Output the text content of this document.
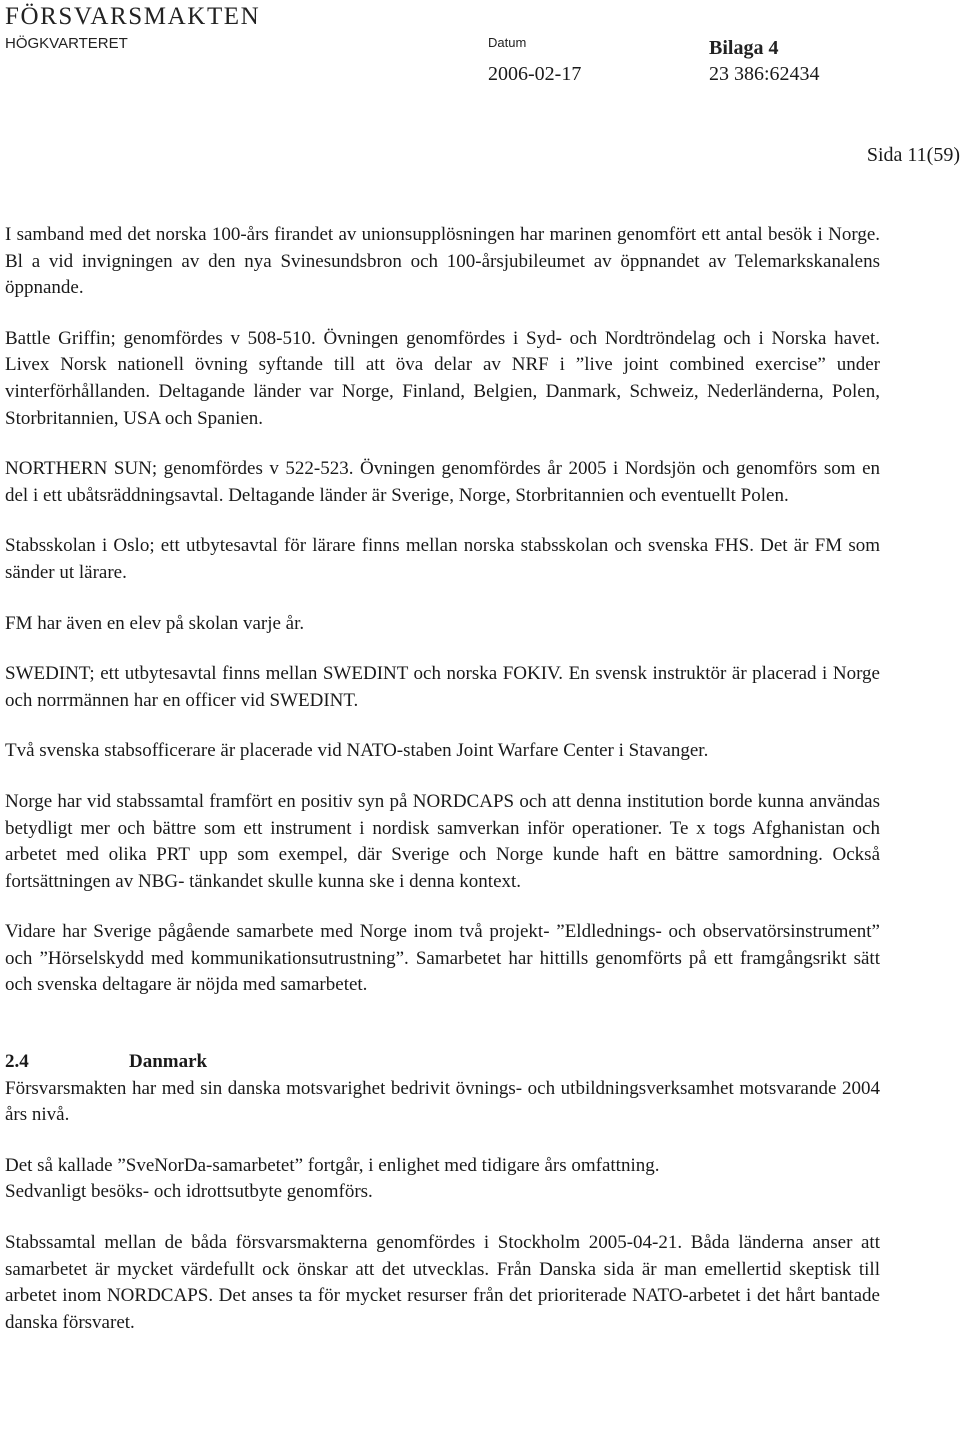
FÖRSVARSMAKTEN
HÖGKVARTERET	Datum	Bilaga 4
2006-02-17	23 386:62434
Sida 11(59)

I samband med det norska 100-års firandet av unionsupplösningen har marinen genomfört ett antal besök i Norge. Bl a vid invigningen av den nya Svinesundsbron och 100-årsjubileumet av öppnandet av Telemarkskanalens öppnande.

Battle Griffin; genomfördes v 508-510. Övningen genomfördes i Syd- och Nordtröndelag och i Norska havet. Livex Norsk nationell övning syftande till att öva delar av NRF i ”live joint combined exercise” under vinterförhållanden. Deltagande länder var Norge, Finland, Belgien, Danmark, Schweiz, Nederländerna, Polen, Storbritannien, USA och Spanien.

NORTHERN SUN; genomfördes v 522-523. Övningen genomfördes år 2005 i Nordsjön och genomförs som en del i ett ubåtsräddningsavtal. Deltagande länder är Sverige, Norge, Storbritannien och eventuellt Polen.

Stabsskolan i Oslo; ett utbytesavtal för lärare finns mellan norska stabsskolan och svenska FHS. Det är FM som sänder ut lärare.

FM har även en elev på skolan varje år.

SWEDINT; ett utbytesavtal finns mellan SWEDINT och norska FOKIV. En svensk instruktör är placerad i Norge och norrmännen har en officer vid SWEDINT.

Två svenska stabsofficerare är placerade vid NATO-staben Joint Warfare Center i Stavanger.

Norge har vid stabssamtal framfört en positiv syn på NORDCAPS och att denna institution borde kunna användas betydligt mer och bättre som ett instrument i nordisk samverkan inför operationer. Te x togs Afghanistan och arbetet med olika PRT upp som exempel, där Sverige och Norge kunde haft en bättre samordning. Också fortsättningen av NBG- tänkandet skulle kunna ske i denna kontext.

Vidare har Sverige pågående samarbete med Norge inom två projekt- ”Eldlednings- och observatörsinstrument” och ”Hörselskydd med kommunikationsutrustning”. Samarbetet har hittills genomförts på ett framgångsrikt sätt och svenska deltagare är nöjda med samarbetet.

2.4	Danmark

Försvarsmakten har med sin danska motsvarighet bedrivit övnings- och utbildningsverksamhet motsvarande 2004 års nivå.

Det så kallade ”SveNorDa-samarbetet” fortgår, i enlighet med tidigare års omfattning.

Sedvanligt besöks- och idrottsutbyte genomförs.

Stabssamtal mellan de båda försvarsmakterna genomfördes i Stockholm 2005-04-21. Båda länderna anser att samarbetet är mycket värdefullt ock önskar att det utvecklas. Från Danska sida är man emellertid skeptisk till arbetet inom NORDCAPS. Det anses ta för mycket resurser från det prioriterade NATO-arbetet i det hårt bantade danska försvaret.
